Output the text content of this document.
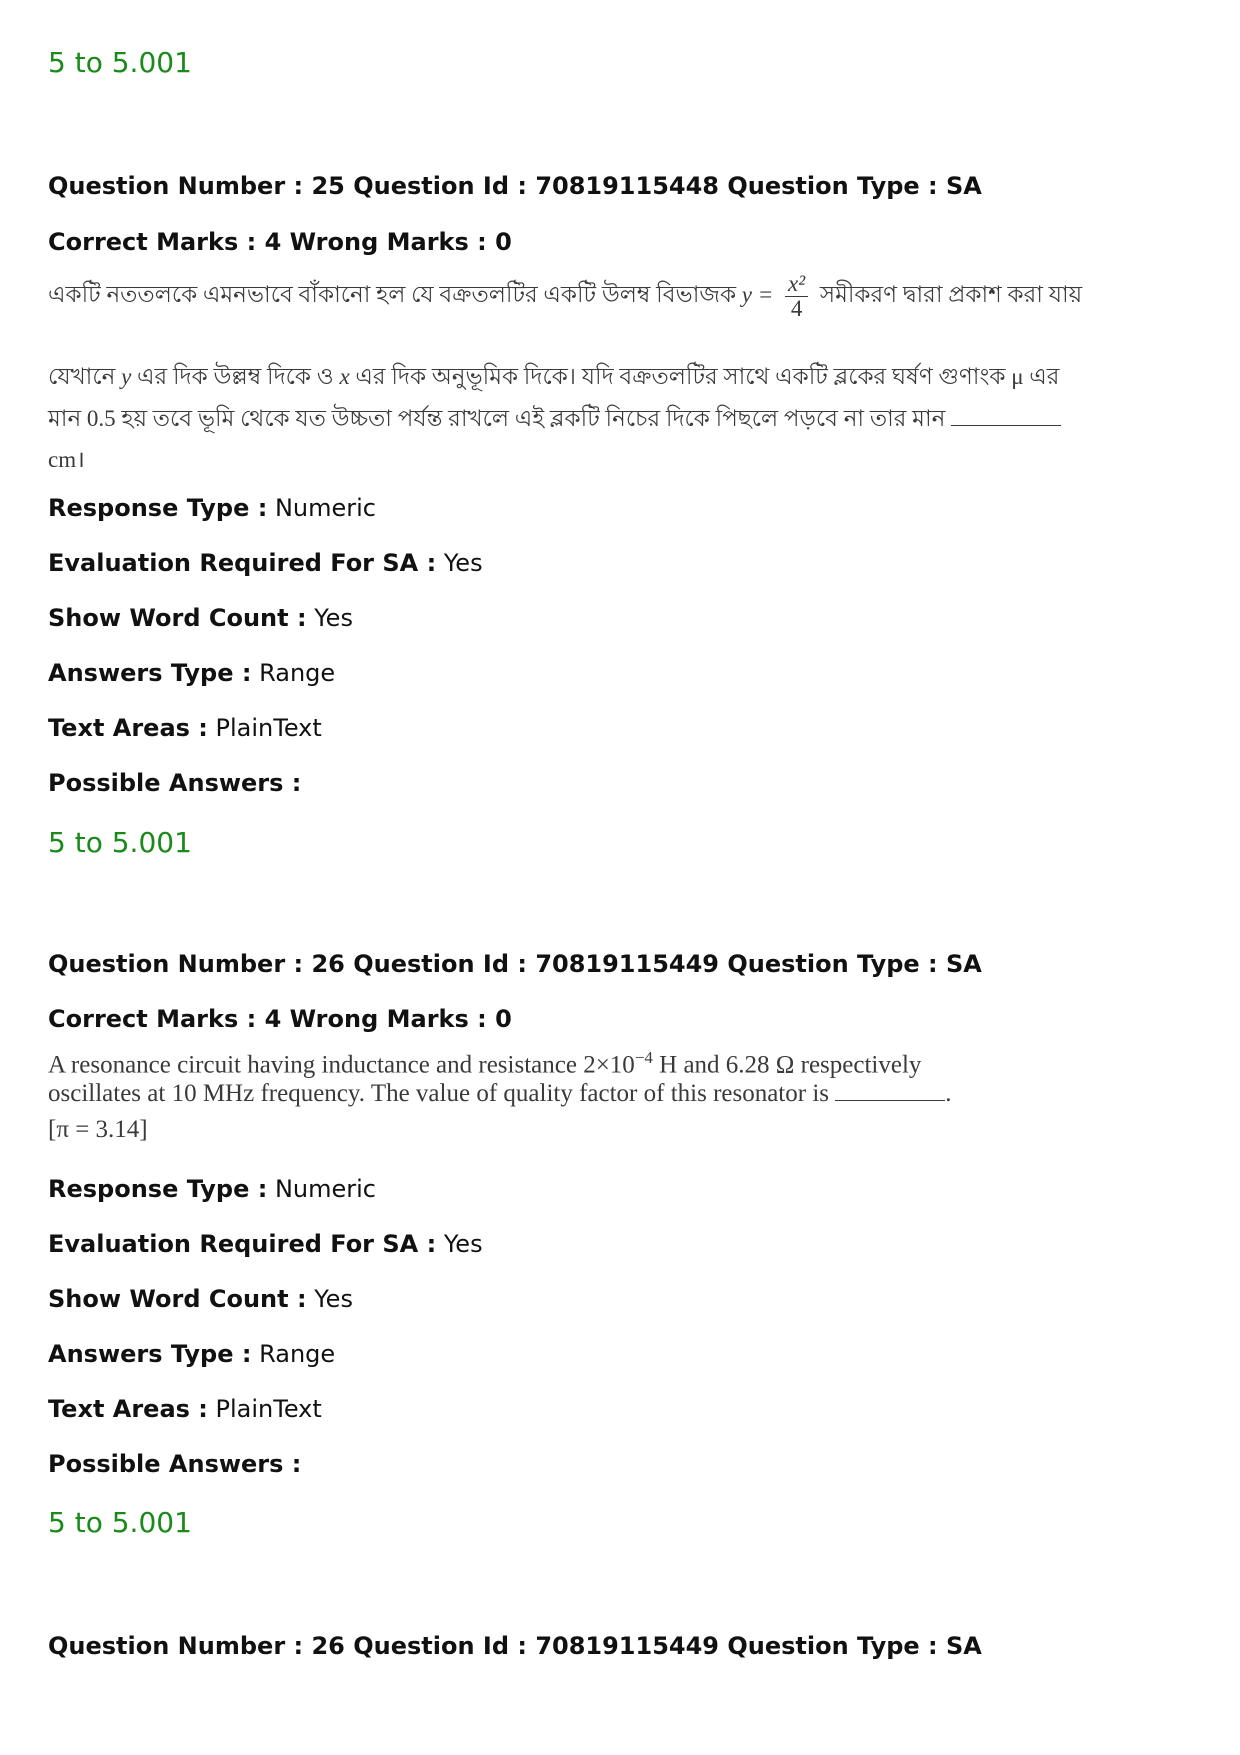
5 to 5.001
Question Number : 25 Question Id : 70819115448 Question Type : SA
Correct Marks : 4 Wrong Marks : 0
একটি নততলকে এমনভাবে বাঁকানো হল যে বক্রতলটির একটি উলম্ব বিভাজক $y = \frac{\text{x²}}{4}$ সমীকরণ দ্বারা প্রকাশ করা যায়
যেখানে y এর দিক উল্লম্ব দিকে ও x এর দিক অনুভূমিক দিকে। যদি বক্রতলটির সাথে একটি ব্লকের ঘর্ষণ গুণাংক μ এর
মান 0.5 হয় তবে ভূমি থেকে যত উচ্চতা পর্যন্ত রাখলে এই ব্লকটি নিচের দিকে পিছলে পড়বে না তার মান
cm।
Response Type : Numeric
Evaluation Required For SA : Yes
Show Word Count : Yes
Answers Type : Range
Text Areas : PlainText
Possible Answers :
5 to 5.001
Question Number : 26 Question Id : 70819115449 Question Type : SA
Correct Marks : 4 Wrong Marks : 0
A resonance circuit having inductance and resistance $2\times 10^{-4}$ H and 6.28 Ω respectively
oscillates at 10 MHz frequency. The value of quality factor of this resonator is	.
[π = 3.14]
Response Type : Numeric
Evaluation Required For SA : Yes
Show Word Count : Yes
Answers Type : Range
Text Areas : PlainText
Possible Answers :
5 to 5.001
Question Number : 26 Question Id : 70819115449 Question Type : SA
